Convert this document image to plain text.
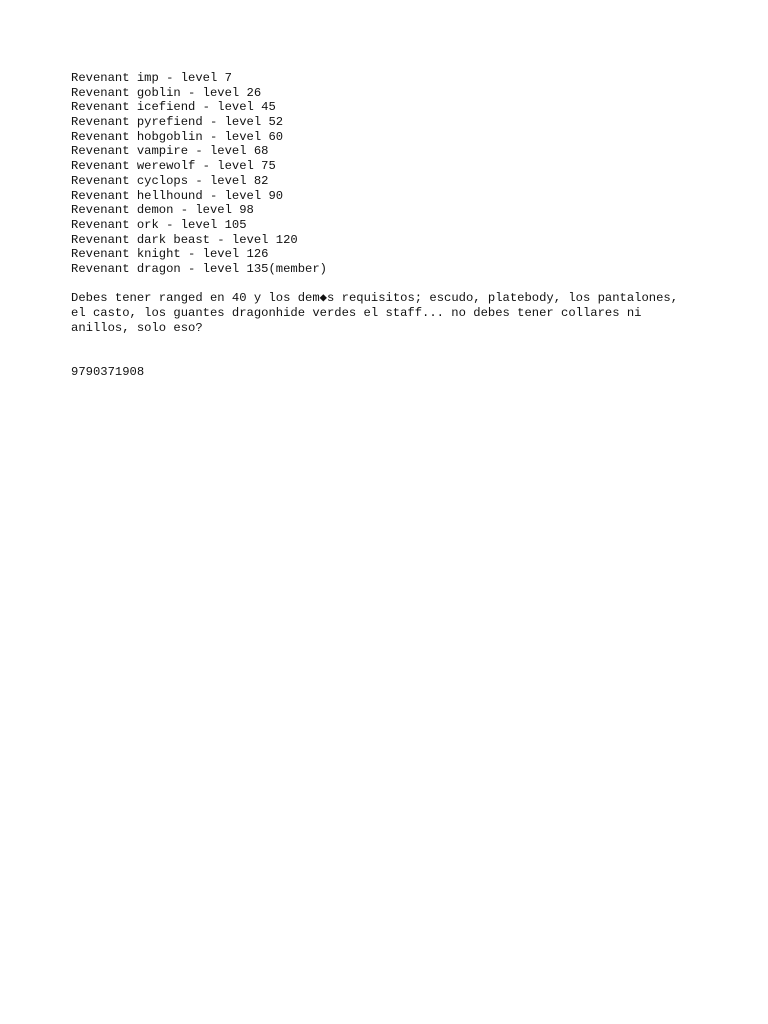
Revenant imp - level 7
Revenant goblin - level 26
Revenant icefiend - level 45
Revenant pyrefiend - level 52
Revenant hobgoblin - level 60
Revenant vampire - level 68
Revenant werewolf - level 75
Revenant cyclops - level 82
Revenant hellhound - level 90
Revenant demon - level 98
Revenant ork - level 105
Revenant dark beast - level 120
Revenant knight - level 126
Revenant dragon - level 135(member)
Debes tener ranged en 40 y los dem◆s requisitos; escudo, platebody, los pantalones,
el casto, los guantes dragonhide verdes el staff... no debes tener collares ni
anillos, solo eso?
9790371908
